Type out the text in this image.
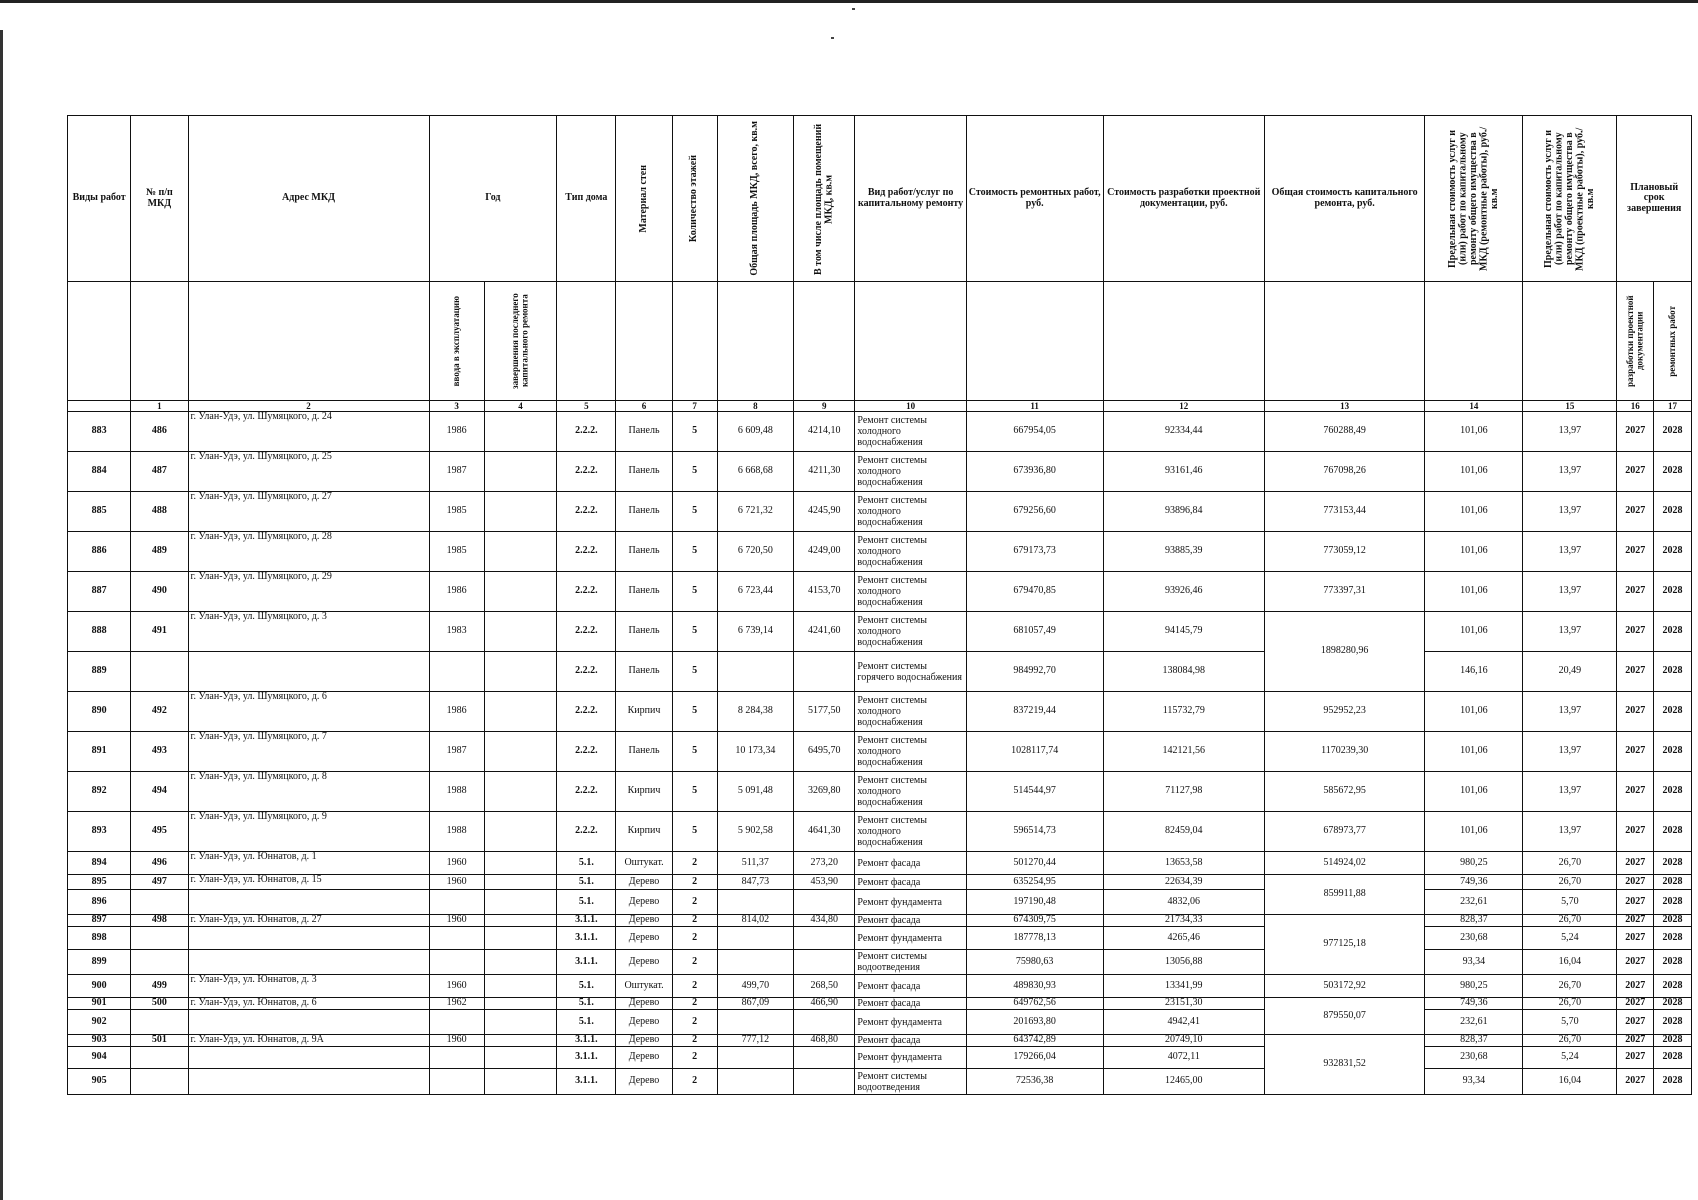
Виды работ	№ п/п МКД	Адрес МКД	Год		Тип дома	Материал стен	Количество этажей	Общая площадь МКД, всего, кв.м	В том числе площадь помещений МКД, кв.м	Вид работ/услуг по капитальному ремонту	Стоимость ремонтных работ, руб.	Стоимость разработки проектной документации, руб.	Общая стоимость капитального ремонта, руб.	Предельная стоимость услуг и (или) работ по капитальному ремонту общего имущества в МКД (ремонтные работы), руб./кв.м	Предельная стоимость услуг и (или) работ по капитальному ремонту общего имущества в МКД (проектные работы), руб./кв.м	Плановый срок завершения	

			ввода в эксплуатацию	завершения последнего капитального ремонта												разработки проектной документации	ремонтных работ

	1	2	3	4	5	6	7	8	9	10	11	12	13	14	15	16	17
883	486	г. Улан-Удэ, ул. Шумяцкого, д. 24	1986		2.2.2.	Панель	5	6 609,48	4214,10	Ремонт системы холодного водоснабжения	667954,05	92334,44	760288,49	101,06	13,97	2027	2028
884	487	г. Улан-Удэ, ул. Шумяцкого, д. 25	1987		2.2.2.	Панель	5	6 668,68	4211,30	Ремонт системы холодного водоснабжения	673936,80	93161,46	767098,26	101,06	13,97	2027	2028
885	488	г. Улан-Удэ, ул. Шумяцкого, д. 27	1985		2.2.2.	Панель	5	6 721,32	4245,90	Ремонт системы холодного водоснабжения	679256,60	93896,84	773153,44	101,06	13,97	2027	2028
886	489	г. Улан-Удэ, ул. Шумяцкого, д. 28	1985		2.2.2.	Панель	5	6 720,50	4249,00	Ремонт системы холодного водоснабжения	679173,73	93885,39	773059,12	101,06	13,97	2027	2028
887	490	г. Улан-Удэ, ул. Шумяцкого, д. 29	1986		2.2.2.	Панель	5	6 723,44	4153,70	Ремонт системы холодного водоснабжения	679470,85	93926,46	773397,31	101,06	13,97	2027	2028
888	491	г. Улан-Удэ, ул. Шумяцкого, д. 3	1983		2.2.2.	Панель	5	6 739,14	4241,60	Ремонт системы холодного водоснабжения	681057,49	94145,79	1898280,96	101,06	13,97	2027	2028
889					2.2.2.	Панель	5			Ремонт системы горячего водоснабжения	984992,70	138084,98		146,16	20,49	2027	2028
890	492	г. Улан-Удэ, ул. Шумяцкого, д. 6	1986		2.2.2.	Кирпич	5	8 284,38	5177,50	Ремонт системы холодного водоснабжения	837219,44	115732,79	952952,23	101,06	13,97	2027	2028
891	493	г. Улан-Удэ, ул. Шумяцкого, д. 7	1987		2.2.2.	Панель	5	10 173,34	6495,70	Ремонт системы холодного водоснабжения	1028117,74	142121,56	1170239,30	101,06	13,97	2027	2028
892	494	г. Улан-Удэ, ул. Шумяцкого, д. 8	1988		2.2.2.	Кирпич	5	5 091,48	3269,80	Ремонт системы холодного водоснабжения	514544,97	71127,98	585672,95	101,06	13,97	2027	2028
893	495	г. Улан-Удэ, ул. Шумяцкого, д. 9	1988		2.2.2.	Кирпич	5	5 902,58	4641,30	Ремонт системы холодного водоснабжения	596514,73	82459,04	678973,77	101,06	13,97	2027	2028
894	496	г. Улан-Удэ, ул. Юннатов, д. 1	1960		5.1.	Оштукат.	2	511,37	273,20	Ремонт фасада	501270,44	13653,58	514924,02	980,25	26,70	2027	2028
895	497	г. Улан-Удэ, ул. Юннатов, д. 15	1960		5.1.	Дерево	2	847,73	453,90	Ремонт фасада	635254,95	22634,39	859911,88	749,36	26,70	2027	2028
896					5.1.	Дерево	2			Ремонт фундамента	197190,48	4832,06		232,61	5,70	2027	2028
897	498	г. Улан-Удэ, ул. Юннатов, д. 27	1960		3.1.1.	Дерево	2	814,02	434,80	Ремонт фасада	674309,75	21734,33	977125,18	828,37	26,70	2027	2028
898					3.1.1.	Дерево	2			Ремонт фундамента	187778,13	4265,46		230,68	5,24	2027	2028
899					3.1.1.	Дерево	2			Ремонт системы водоотведения	75980,63	13056,88		93,34	16,04	2027	2028
900	499	г. Улан-Удэ, ул. Юннатов, д. 3	1960		5.1.	Оштукат.	2	499,70	268,50	Ремонт фасада	489830,93	13341,99	503172,92	980,25	26,70	2027	2028
901	500	г. Улан-Удэ, ул. Юннатов, д. 6	1962		5.1.	Дерево	2	867,09	466,90	Ремонт фасада	649762,56	23151,30	879550,07	749,36	26,70	2027	2028
902					5.1.	Дерево	2			Ремонт фундамента	201693,80	4942,41		232,61	5,70	2027	2028
903	501	г. Улан-Удэ, ул. Юннатов, д. 9А	1960		3.1.1.	Дерево	2	777,12	468,80	Ремонт фасада	643742,89	20749,10	932831,52	828,37	26,70	2027	2028
904					3.1.1.	Дерево	2			Ремонт фундамента	179266,04	4072,11		230,68	5,24	2027	2028
905					3.1.1.	Дерево	2			Ремонт системы водоотведения	72536,38	12465,00		93,34	16,04	2027	2028
